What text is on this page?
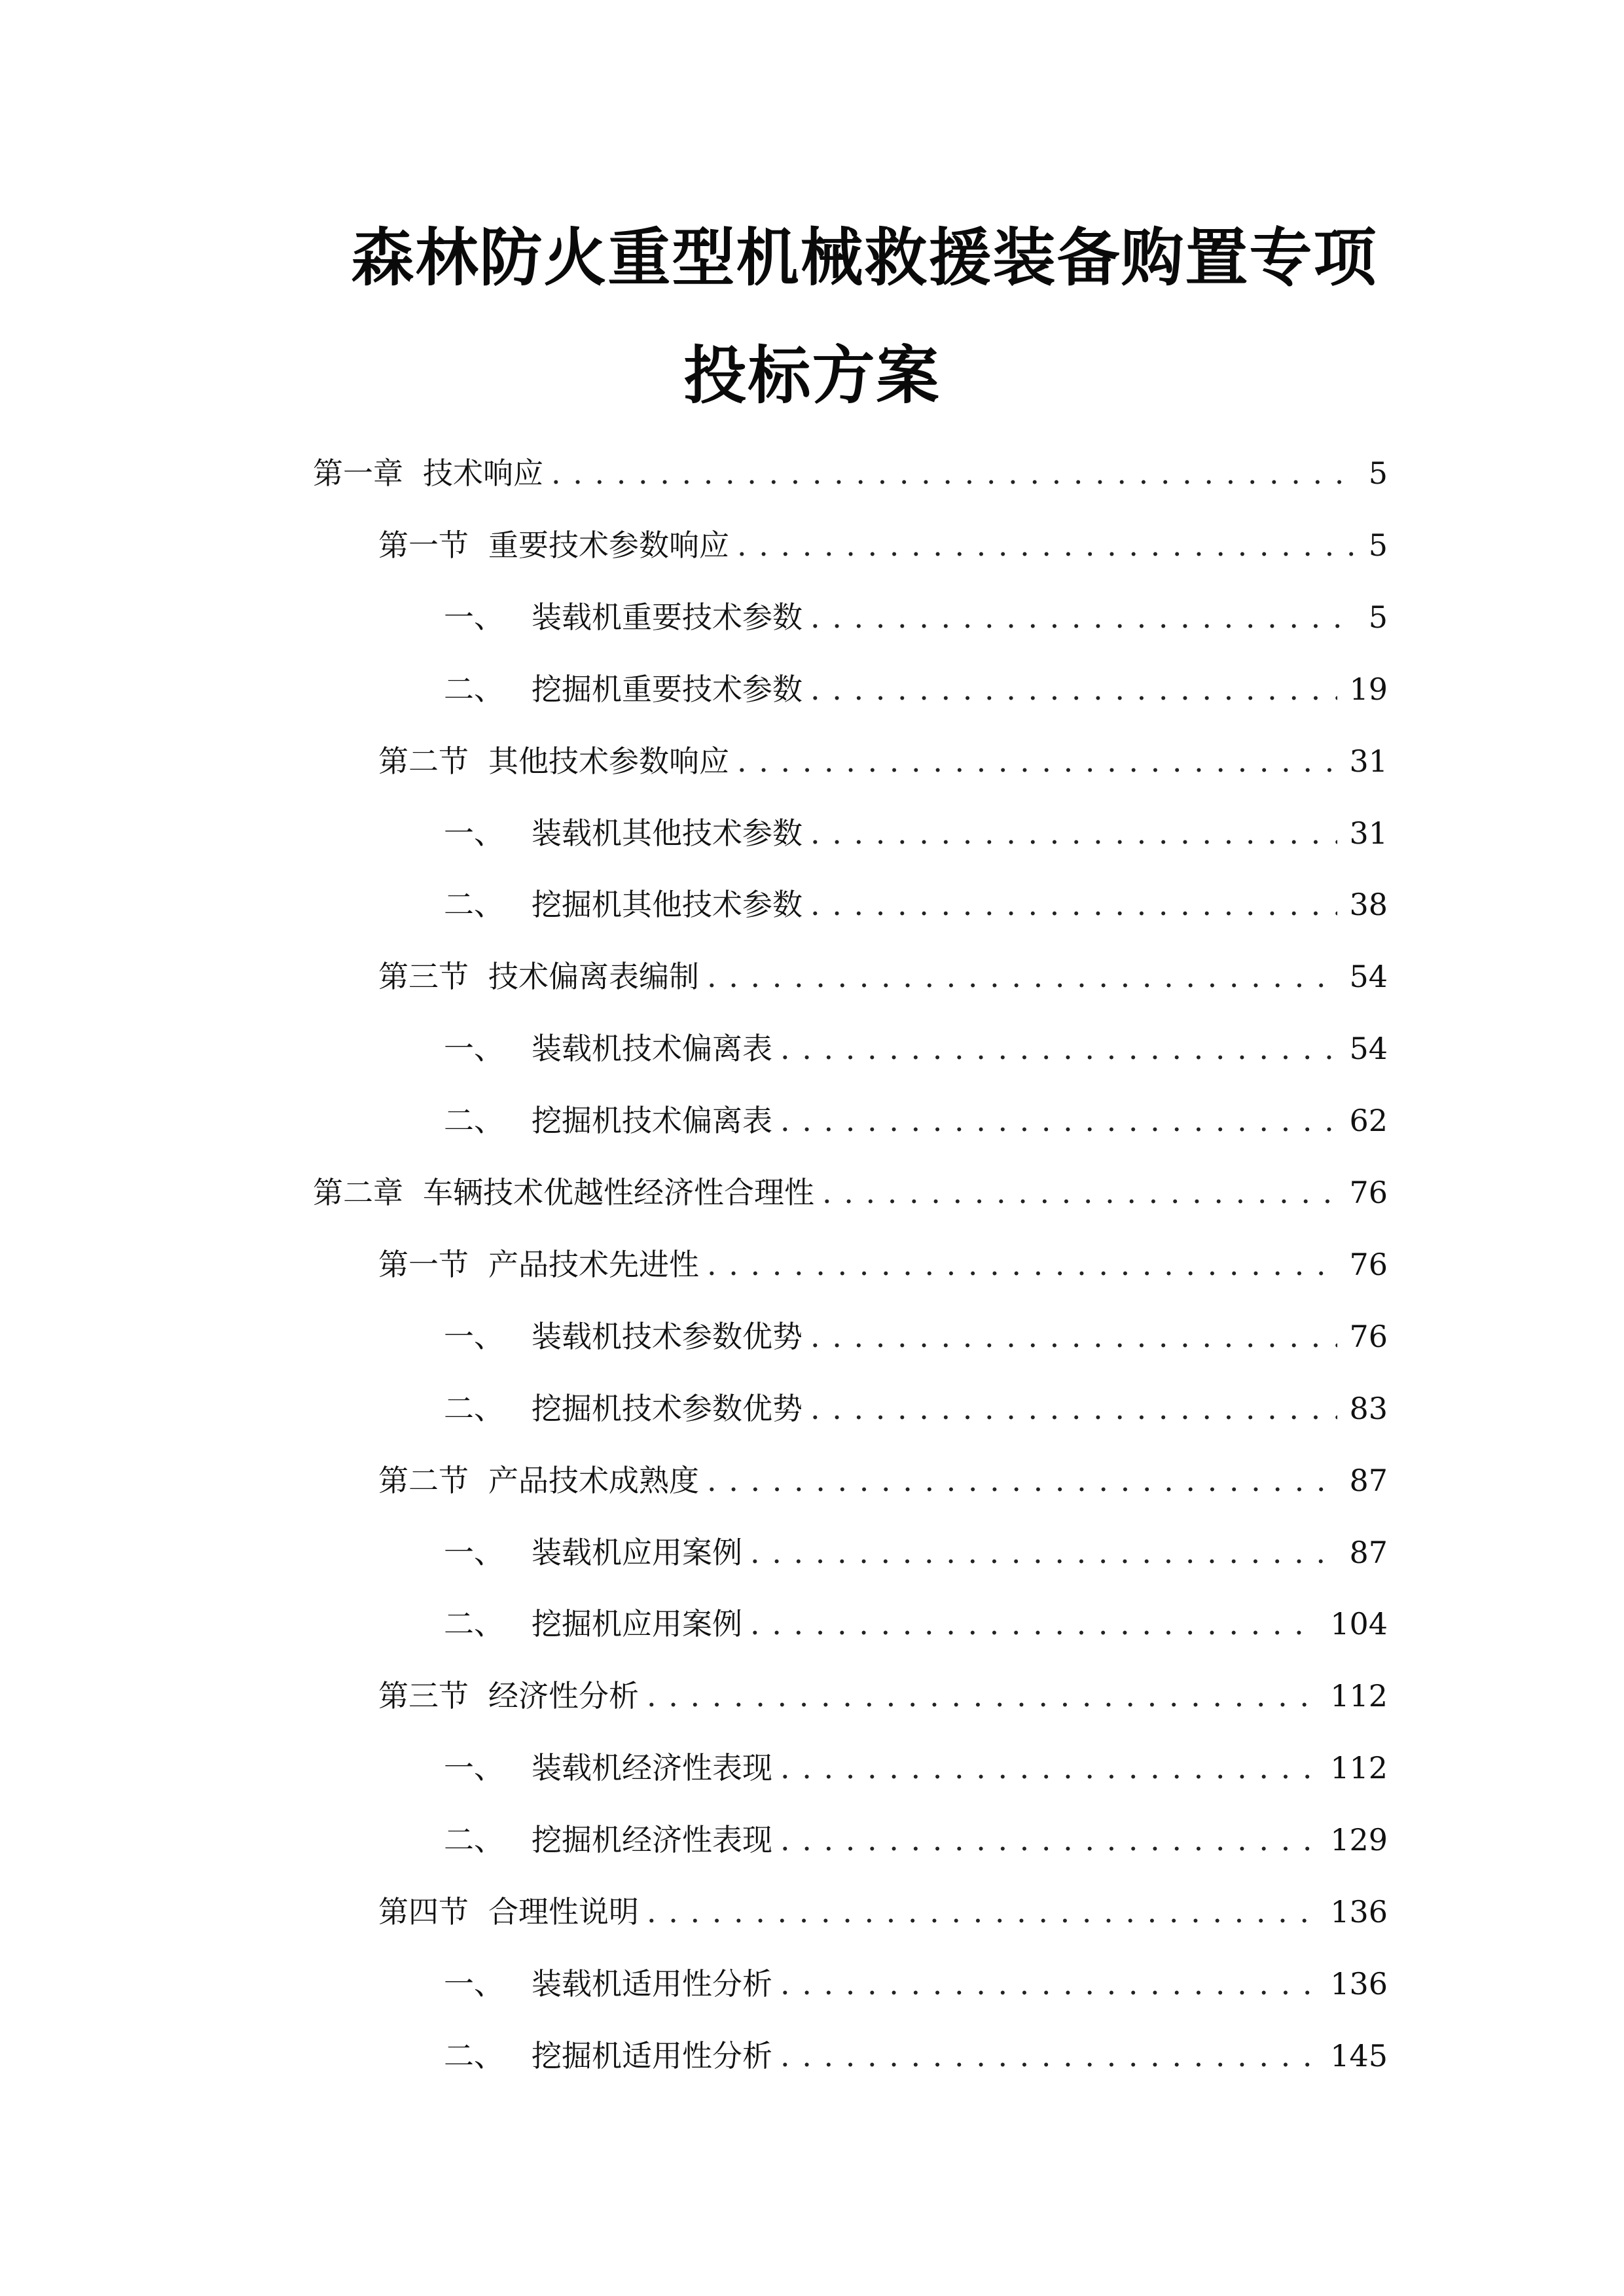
森林防火重型机械救援装备购置专项
投标方案
第一章 技术响应 . . .	5
第一节 重要技术参数响应 . . .	5
一、 装载机重要技术参数 . . .	5
二、 挖掘机重要技术参数 . . .	19
第二节 其他技术参数响应 . . .	31
一、 装载机其他技术参数 . . .	31
二、 挖掘机其他技术参数 . . .	38
第三节 技术偏离表编制 . . .	54
一、 装载机技术偏离表 . . .	54
二、 挖掘机技术偏离表 . . .	62
第二章 车辆技术优越性经济性合理性 . . .	76
第一节 产品技术先进性 . . .	76
一、 装载机技术参数优势 . . .	76
二、 挖掘机技术参数优势 . . .	83
第二节 产品技术成熟度 . . .	87
一、 装载机应用案例 . . .	87
二、 挖掘机应用案例 . . .	104
第三节 经济性分析 . . .	112
一、 装载机经济性表现 . . .	112
二、 挖掘机经济性表现 . . .	129
第四节 合理性说明 . . .	136
一、 装载机适用性分析 . . .	136
二、 挖掘机适用性分析 . . .	145
